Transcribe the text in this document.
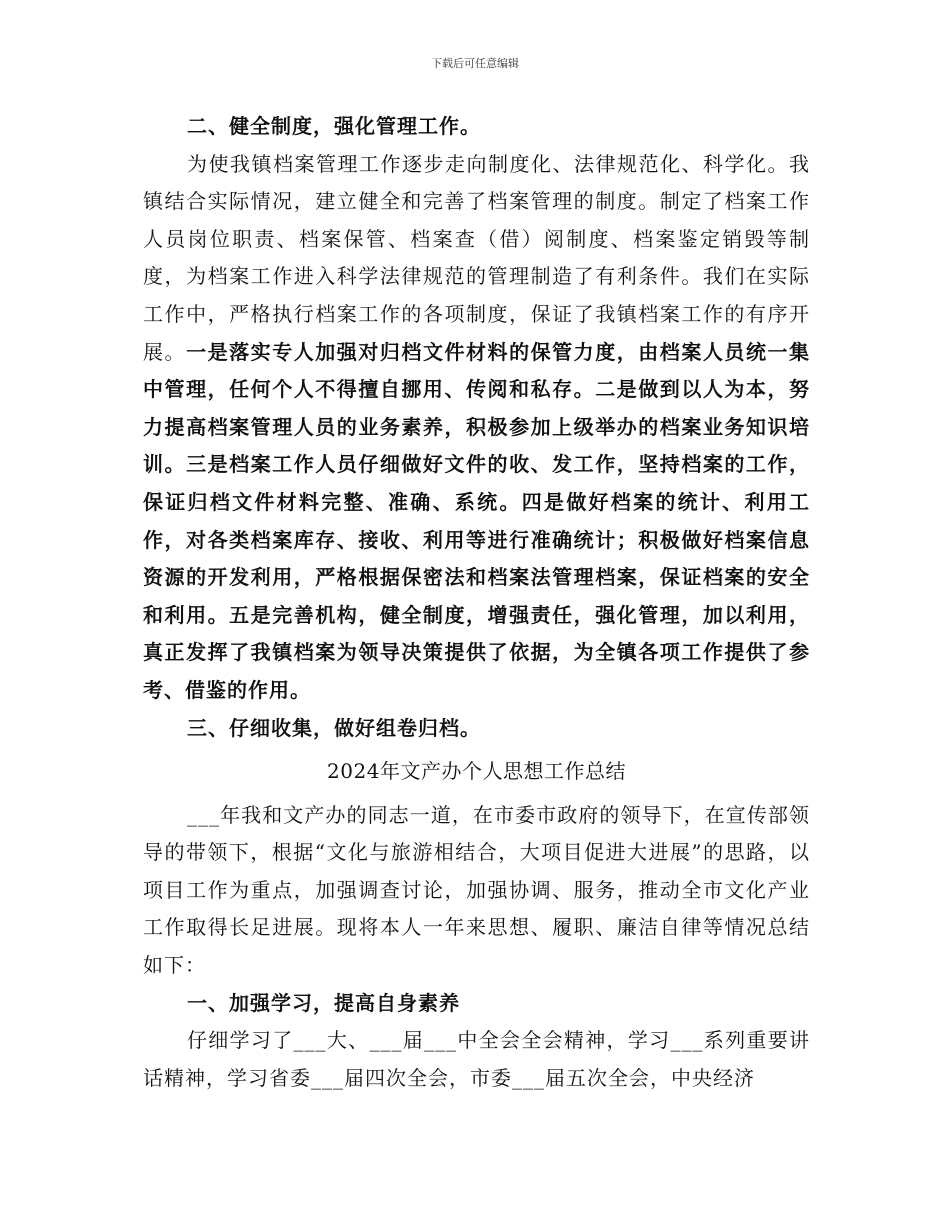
下载后可任意编辑

二、健全制度，强化管理工作。

为使我镇档案管理工作逐步走向制度化、法律规范化、科学化。我镇结合实际情况，建立健全和完善了档案管理的制度。制定了档案工作人员岗位职责、档案保管、档案查（借）阅制度、档案鉴定销毁等制度，为档案工作进入科学法律规范的管理制造了有利条件。我们在实际工作中，严格执行档案工作的各项制度，保证了我镇档案工作的有序开展。一是落实专人加强对归档文件材料的保管力度，由档案人员统一集中管理，任何个人不得擅自挪用、传阅和私存。二是做到以人为本，努力提高档案管理人员的业务素养，积极参加上级举办的档案业务知识培训。三是档案工作人员仔细做好文件的收、发工作，坚持档案的工作，保证归档文件材料完整、准确、系统。四是做好档案的统计、利用工作，对各类档案库存、接收、利用等进行准确统计；积极做好档案信息资源的开发利用，严格根据保密法和档案法管理档案，保证档案的安全和利用。五是完善机构，健全制度，增强责任，强化管理，加以利用，真正发挥了我镇档案为领导决策提供了依据，为全镇各项工作提供了参考、借鉴的作用。

三、仔细收集，做好组卷归档。

2024年文产办个人思想工作总结

___年我和文产办的同志一道，在市委市政府的领导下，在宣传部领导的带领下，根据“文化与旅游相结合，大项目促进大进展”的思路，以项目工作为重点，加强调查讨论，加强协调、服务，推动全市文化产业工作取得长足进展。现将本人一年来思想、履职、廉洁自律等情况总结如下：

一、加强学习，提高自身素养

仔细学习了___大、___届___中全会全会精神，学习___系列重要讲话精神，学习省委___届四次全会，市委___届五次全会，中央经济
